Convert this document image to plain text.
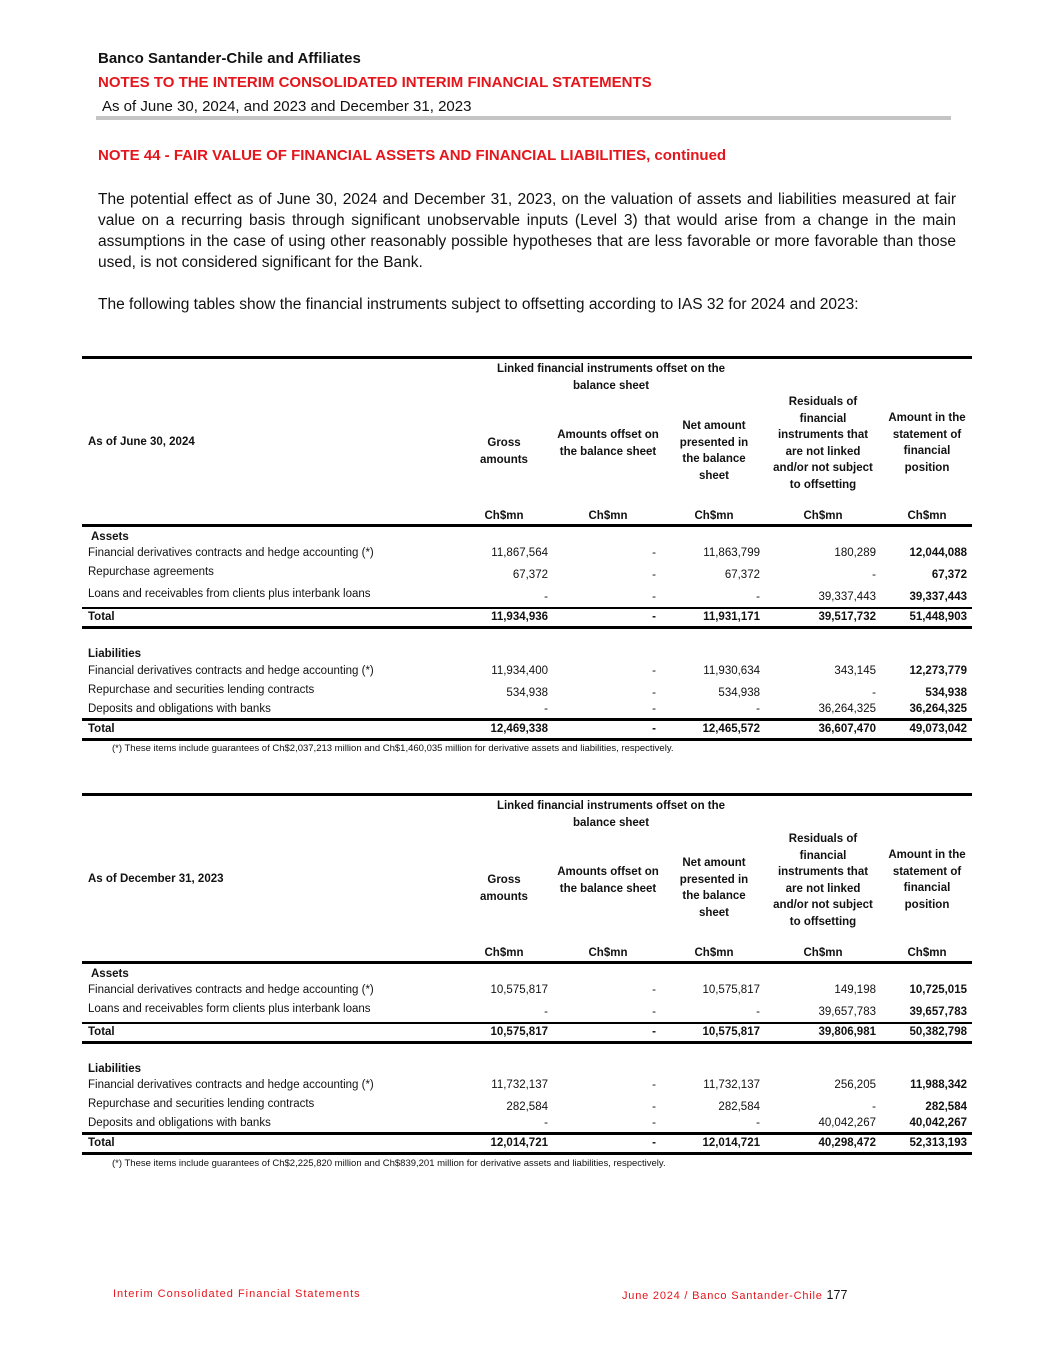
Banco Santander-Chile and Affiliates
NOTES TO THE INTERIM CONSOLIDATED INTERIM FINANCIAL STATEMENTS
As of June 30, 2024, and 2023 and December 31, 2023
NOTE 44 - FAIR VALUE OF FINANCIAL ASSETS AND FINANCIAL LIABILITIES, continued

The potential effect as of June 30, 2024 and December 31, 2023, on the valuation of assets and liabilities measured at fair value on a recurring basis through significant unobservable inputs (Level 3) that would arise from a change in the main assumptions in the case of using other reasonably possible hypotheses that are less favorable or more favorable than those used, is not considered significant for the Bank.

The following tables show the financial instruments subject to offsetting according to IAS 32 for 2024 and 2023:

Linked financial instruments offset on the balance sheet
As of June 30, 2024	Gross amounts
Amounts offset on the balance sheet
Net amount presented in the balance sheet
Residuals of financial instruments that are not linked and/or not subject to offsetting
Amount in the statement of financial position
Ch$mn	Ch$mn	Ch$mn	Ch$mn	Ch$mn
Assets
Financial derivatives contracts and hedge accounting (*)	11,867,564	-	11,863,799	180,289	12,044,088
Repurchase agreements	67,372	-	67,372	-	67,372
Loans and receivables from clients plus interbank loans	-	-	-	39,337,443	39,337,443
Total	11,934,936	-	11,931,171	39,517,732	51,448,903
Liabilities
Financial derivatives contracts and hedge accounting (*)	11,934,400	-	11,930,634	343,145	12,273,779
Repurchase and securities lending contracts	534,938	-	534,938	-	534,938
Deposits and obligations with banks	-	-	-	36,264,325	36,264,325
Total	12,469,338	-	12,465,572	36,607,470	49,073,042
(*) These items include guarantees of Ch$2,037,213 million and Ch$1,460,035 million for derivative assets and liabilities, respectively.
Linked financial instruments offset on the balance sheet
As of December 31, 2023	Gross amounts
Amounts offset on the balance sheet
Net amount presented in the balance sheet
Residuals of financial instruments that are not linked and/or not subject to offsetting
Amount in the statement of financial position
Ch$mn	Ch$mn	Ch$mn	Ch$mn	Ch$mn
Assets
Financial derivatives contracts and hedge accounting (*)	10,575,817	-	10,575,817	149,198	10,725,015
Loans and receivables form clients plus interbank loans	-	-	-	39,657,783	39,657,783
Total	10,575,817	-	10,575,817	39,806,981	50,382,798
Liabilities
Financial derivatives contracts and hedge accounting (*)	11,732,137	-	11,732,137	256,205	11,988,342
Repurchase and securities lending contracts	282,584	-	282,584	-	282,584
Deposits and obligations with banks	-	-	-	40,042,267	40,042,267
Total	12,014,721	-	12,014,721	40,298,472	52,313,193
(*) These items include guarantees of Ch$2,225,820 million and Ch$839,201 million for derivative assets and liabilities, respectively.
Interim Consolidated Financial Statements	June 2024 / Banco Santander-Chile 177
